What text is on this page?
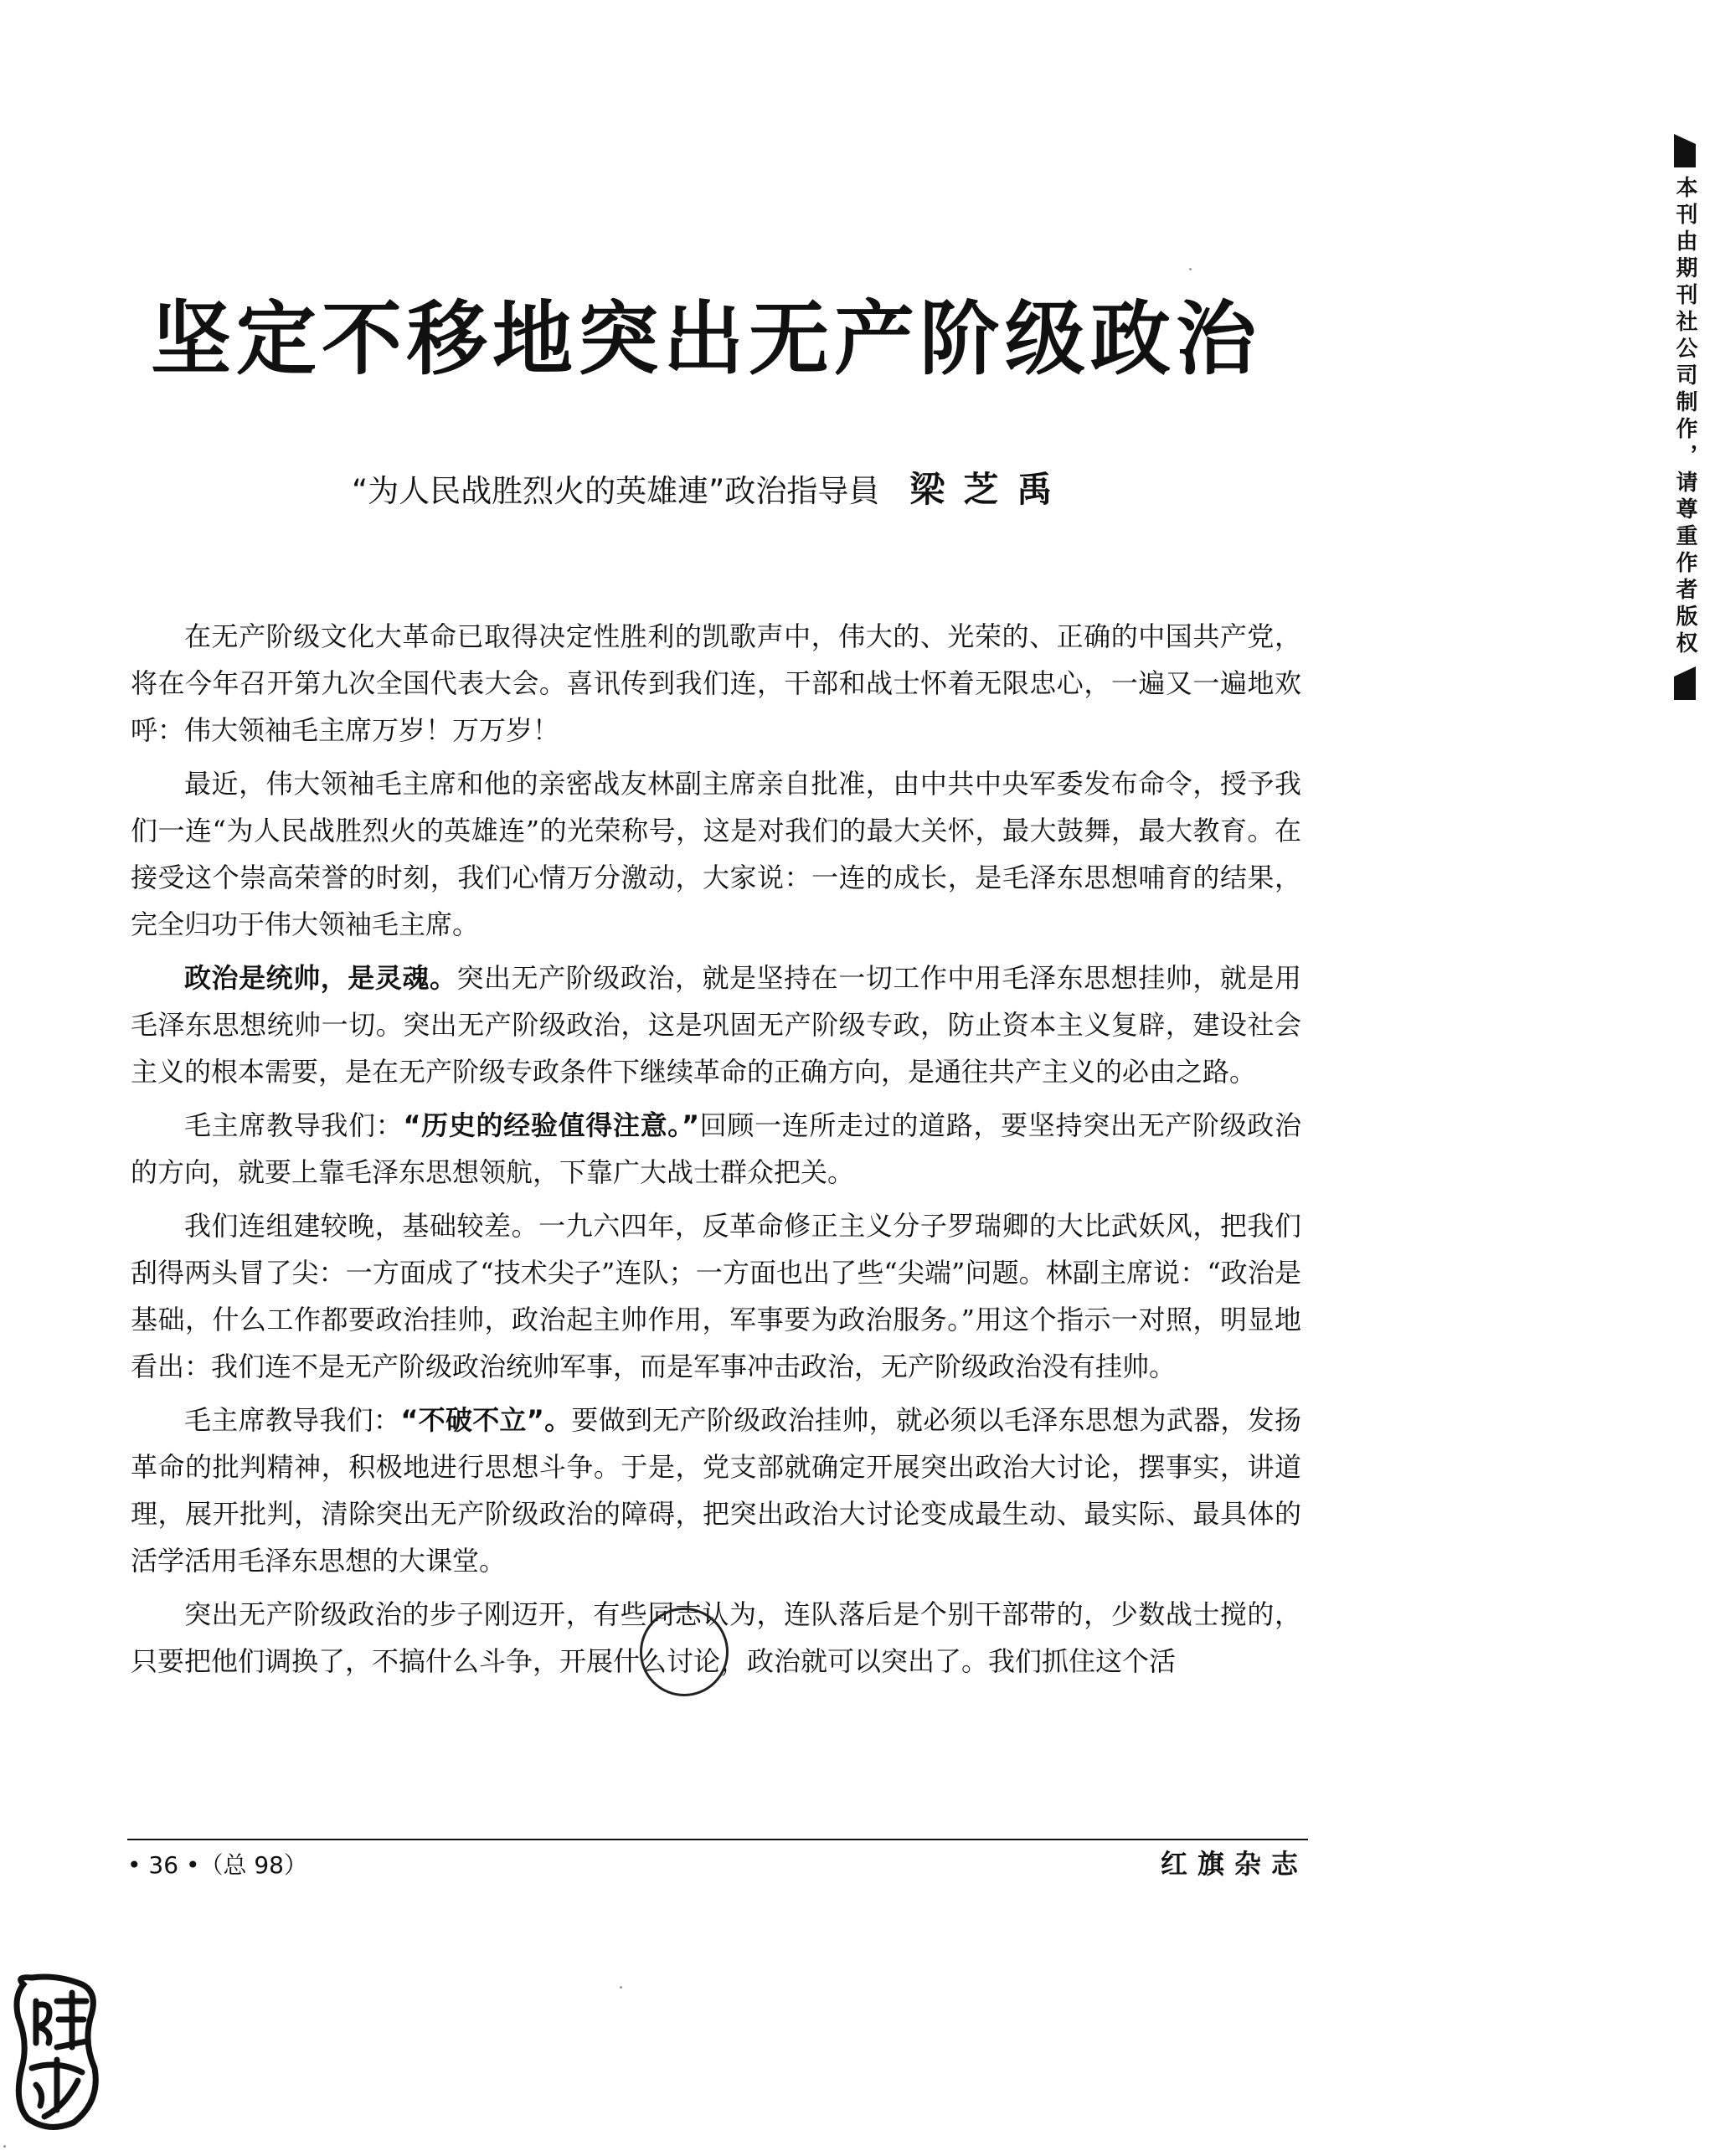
本刊由期刊社公司制作，请尊重作者版权
坚定不移地突出无产阶级政治
“为人民战胜烈火的英雄連”政治指导員 梁芝禹

在无产阶级文化大革命已取得决定性胜利的凯歌声中，伟大的、光荣的、正确的中国共产党，将在今年召开第九次全国代表大会。喜讯传到我们连，干部和战士怀着无限忠心，一遍又一遍地欢呼：伟大领袖毛主席万岁！万万岁！

最近，伟大领袖毛主席和他的亲密战友林副主席亲自批准，由中共中央军委发布命令，授予我们一连“为人民战胜烈火的英雄连”的光荣称号，这是对我们的最大关怀，最大鼓舞，最大教育。在接受这个崇高荣誉的时刻，我们心情万分激动，大家说：一连的成长，是毛泽东思想哺育的结果，完全归功于伟大领袖毛主席。

政治是统帅，是灵魂。突出无产阶级政治，就是坚持在一切工作中用毛泽东思想挂帅，就是用毛泽东思想统帅一切。突出无产阶级政治，这是巩固无产阶级专政，防止资本主义复辟，建设社会主义的根本需要，是在无产阶级专政条件下继续革命的正确方向，是通往共产主义的必由之路。

毛主席教导我们：“历史的经验值得注意。”回顾一连所走过的道路，要坚持突出无产阶级政治的方向，就要上靠毛泽东思想领航，下靠广大战士群众把关。

我们连组建较晚，基础较差。一九六四年，反革命修正主义分子罗瑞卿的大比武妖风，把我们刮得两头冒了尖：一方面成了“技术尖子”连队；一方面也出了些“尖端”问题。林副主席说：“政治是基础，什么工作都要政治挂帅，政治起主帅作用，军事要为政治服务。”用这个指示一对照，明显地看出：我们连不是无产阶级政治统帅军事，而是军事冲击政治，无产阶级政治没有挂帅。

毛主席教导我们：“不破不立”。要做到无产阶级政治挂帅，就必须以毛泽东思想为武器，发扬革命的批判精神，积极地进行思想斗争。于是，党支部就确定开展突出政治大讨论，摆事实，讲道理，展开批判，清除突出无产阶级政治的障碍，把突出政治大讨论变成最生动、最实际、最具体的活学活用毛泽东思想的大课堂。

突出无产阶级政治的步子刚迈开，有些同志认为，连队落后是个别干部带的，少数战士搅的，只要把他们调换了，不搞什么斗争，开展什么讨论，政治就可以突出了。我们抓住这个活

• 36 •（总 98）	红旗杂志
